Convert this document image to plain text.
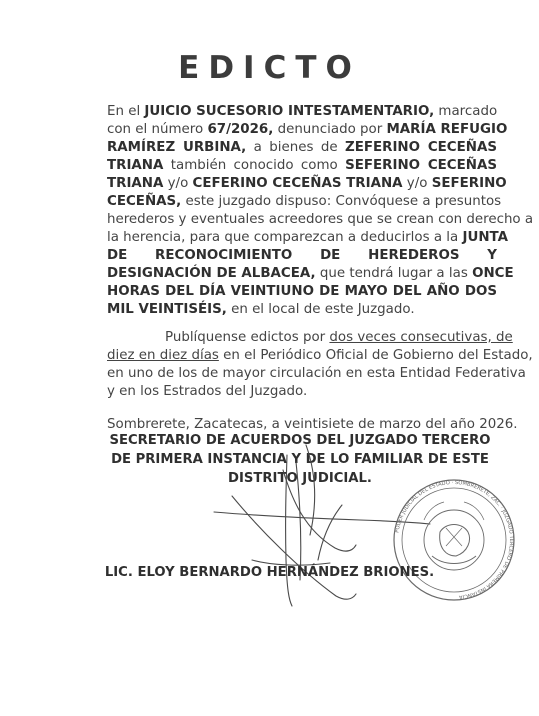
EDICTO
En el JUICIO SUCESORIO INTESTAMENTARIO, marcado
con el número 67/2026, denunciado por MARÍA REFUGIO
RAMÍREZ URBINA, a bienes de ZEFERINO CECEÑAS
TRIANA también conocido como SEFERINO CECEÑAS
TRIANA y/o CEFERINO CECEÑAS TRIANA y/o SEFERINO
CECEÑAS, este juzgado dispuso: Convóquese a presuntos
herederos y eventuales acreedores que se crean con derecho a
la herencia, para que comparezcan a deducirlos a la JUNTA
DE RECONOCIMIENTO DE HEREDEROS Y
DESIGNACIÓN DE ALBACEA, que tendrá lugar a las ONCE
HORAS DEL DÍA VEINTIUNO DE MAYO DEL AÑO DOS
MIL VEINTISÉIS, en el local de este Juzgado.
Publíquense edictos por dos veces consecutivas, de
diez en diez días en el Periódico Oficial de Gobierno del Estado,
en uno de los de mayor circulación en esta Entidad Federativa
y en los Estrados del Juzgado.
Sombrerete, Zacatecas, a veintisiete de marzo del año 2026.
SECRETARIO DE ACUERDOS DEL JUZGADO TERCERO
DE PRIMERA INSTANCIA Y DE LO FAMILIAR DE ESTE
DISTRITO JUDICIAL.
PODER JUDICIAL DEL ESTADO · SOMBRERETE, ZAC. · JUZGADO TERCERO DE PRIMERA INSTANCIA
LIC. ELOY BERNARDO HERNÁNDEZ BRIONES.
